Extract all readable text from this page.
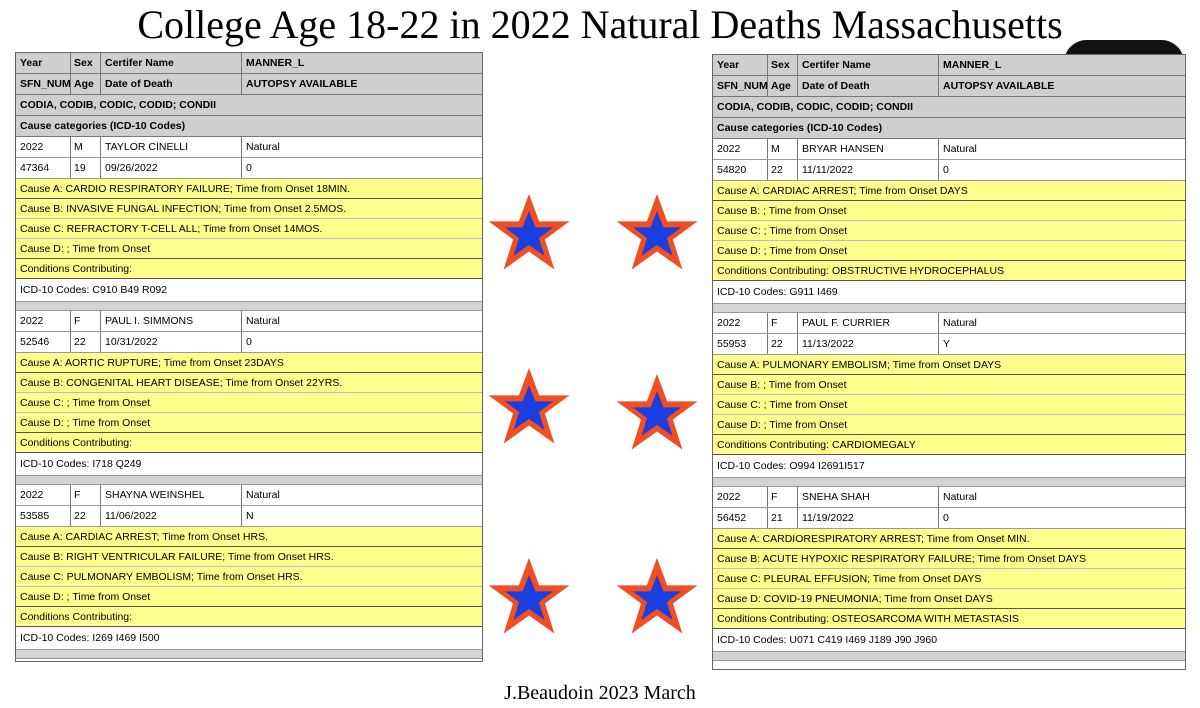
College Age 18-22 in 2022 Natural Deaths Massachusetts
Year	Sex	Certifer Name	MANNER_L
SFN_NUM Age	Date of Death	AUTOPSY AVAILABLE
CODIA, CODIB, CODIC, CODID; CONDII
Cause categories (ICD-10 Codes)
2022	M	TAYLOR CINELLI	Natural
47364	19	09/26/2022	0
Cause A: CARDIO RESPIRATORY FAILURE; Time from Onset 18MIN.
Cause B: INVASIVE FUNGAL INFECTION; Time from Onset 2.5MOS.
Cause C: REFRACTORY T-CELL ALL; Time from Onset 14MOS.
Cause D: ; Time from Onset
Conditions Contributing:
ICD-10 Codes: C910 B49 R092
2022	F	PAUL I. SIMMONS	Natural
52546	22	10/31/2022	0
Cause A: AORTIC RUPTURE; Time from Onset 23DAYS
Cause B: CONGENITAL HEART DISEASE; Time from Onset 22YRS.
Cause C: ; Time from Onset
Cause D: ; Time from Onset
Conditions Contributing:
ICD-10 Codes: I718 Q249
2022	F	SHAYNA WEINSHEL	Natural
53585	22	11/06/2022	N
Cause A: CARDIAC ARREST; Time from Onset HRS.
Cause B: RIGHT VENTRICULAR FAILURE; Time from Onset HRS.
Cause C: PULMONARY EMBOLISM; Time from Onset HRS.
Cause D: ; Time from Onset
Conditions Contributing:
ICD-10 Codes: I269 I469 I500
Year	Sex	Certifer Name	MANNER_L
SFN_NUM Age	Date of Death	AUTOPSY AVAILABLE
CODIA, CODIB, CODIC, CODID; CONDII
Cause categories (ICD-10 Codes)
2022	M	BRYAR HANSEN	Natural
54820	22	11/11/2022	0
Cause A: CARDIAC ARREST; Time from Onset DAYS
Cause B: ; Time from Onset
Cause C: ; Time from Onset
Cause D: ; Time from Onset
Conditions Contributing: OBSTRUCTIVE HYDROCEPHALUS
ICD-10 Codes: G911 I469
2022	F	PAUL F. CURRIER	Natural
55953	22	11/13/2022	Y
Cause A: PULMONARY EMBOLISM; Time from Onset DAYS
Cause B: ; Time from Onset
Cause C: ; Time from Onset
Cause D: ; Time from Onset
Conditions Contributing: CARDIOMEGALY
ICD-10 Codes: O994 I2691I517
2022	F	SNEHA SHAH	Natural
56452	21	11/19/2022	0
Cause A: CARDIORESPIRATORY ARREST; Time from Onset MIN.
Cause B: ACUTE HYPOXIC RESPIRATORY FAILURE; Time from Onset DAYS
Cause C: PLEURAL EFFUSION; Time from Onset DAYS
Cause D: COVID-19 PNEUMONIA; Time from Onset DAYS
Conditions Contributing: OSTEOSARCOMA WITH METASTASIS
ICD-10 Codes: U071 C419 I469 J189 J90 J960
J.Beaudoin 2023 March
